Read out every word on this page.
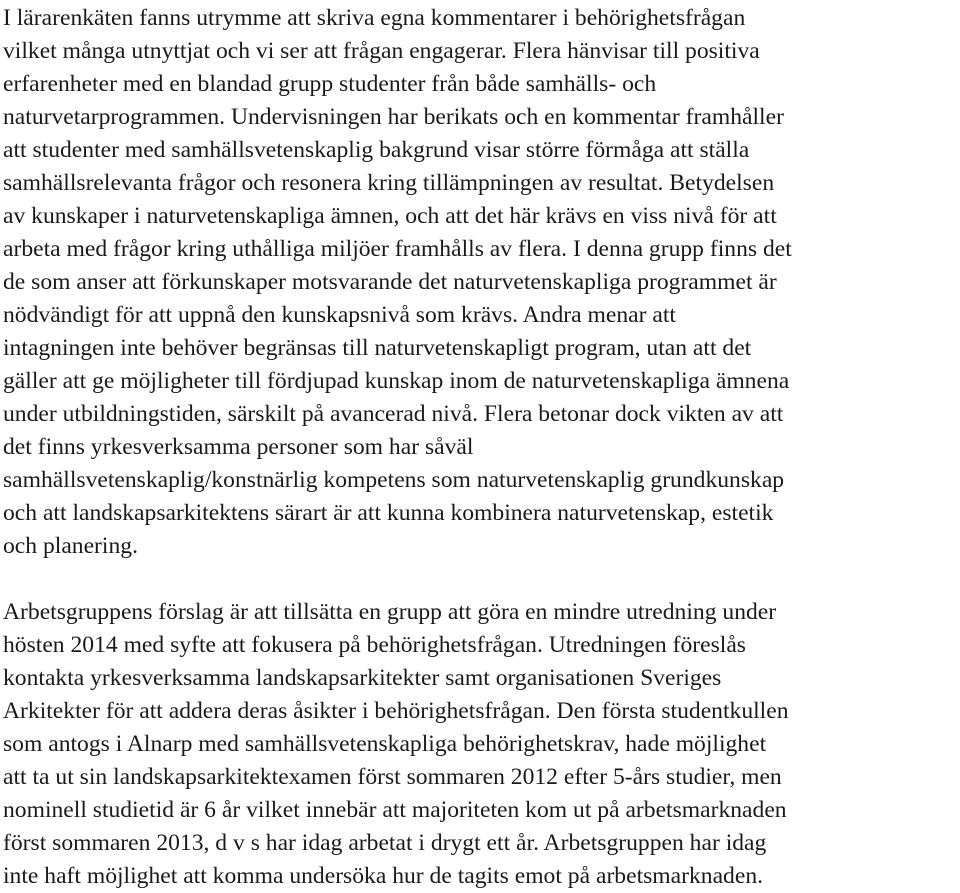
I lärarenkäten fanns utrymme att skriva egna kommentarer i behörighetsfrågan
vilket många utnyttjat och vi ser att frågan engagerar. Flera hänvisar till positiva
erfarenheter med en blandad grupp studenter från både samhälls- och
naturvetarprogrammen. Undervisningen har berikats och en kommentar framhåller
att studenter med samhällsvetenskaplig bakgrund visar större förmåga att ställa
samhällsrelevanta frågor och resonera kring tillämpningen av resultat. Betydelsen
av kunskaper i naturvetenskapliga ämnen, och att det här krävs en viss nivå för att
arbeta med frågor kring uthålliga miljöer framhålls av flera. I denna grupp finns det
de som anser att förkunskaper motsvarande det naturvetenskapliga programmet är
nödvändigt för att uppnå den kunskapsnivå som krävs. Andra menar att
intagningen inte behöver begränsas till naturvetenskapligt program, utan att det
gäller att ge möjligheter till fördjupad kunskap inom de naturvetenskapliga ämnena
under utbildningstiden, särskilt på avancerad nivå. Flera betonar dock vikten av att
det finns yrkesverksamma personer som har såväl
samhällsvetenskaplig/konstnärlig kompetens som naturvetenskaplig grundkunskap
och att landskapsarkitektens särart är att kunna kombinera naturvetenskap, estetik
och planering.
Arbetsgruppens förslag är att tillsätta en grupp att göra en mindre utredning under
hösten 2014 med syfte att fokusera på behörighetsfrågan. Utredningen föreslås
kontakta yrkesverksamma landskapsarkitekter samt organisationen Sveriges
Arkitekter för att addera deras åsikter i behörighetsfrågan. Den första studentkullen
som antogs i Alnarp med samhällsvetenskapliga behörighetskrav, hade möjlighet
att ta ut sin landskapsarkitektexamen först sommaren 2012 efter 5-års studier, men
nominell studietid är 6 år vilket innebär att majoriteten kom ut på arbetsmarknaden
först sommaren 2013, d v s har idag arbetat i drygt ett år. Arbetsgruppen har idag
inte haft möjlighet att komma undersöka hur de tagits emot på arbetsmarknaden.
